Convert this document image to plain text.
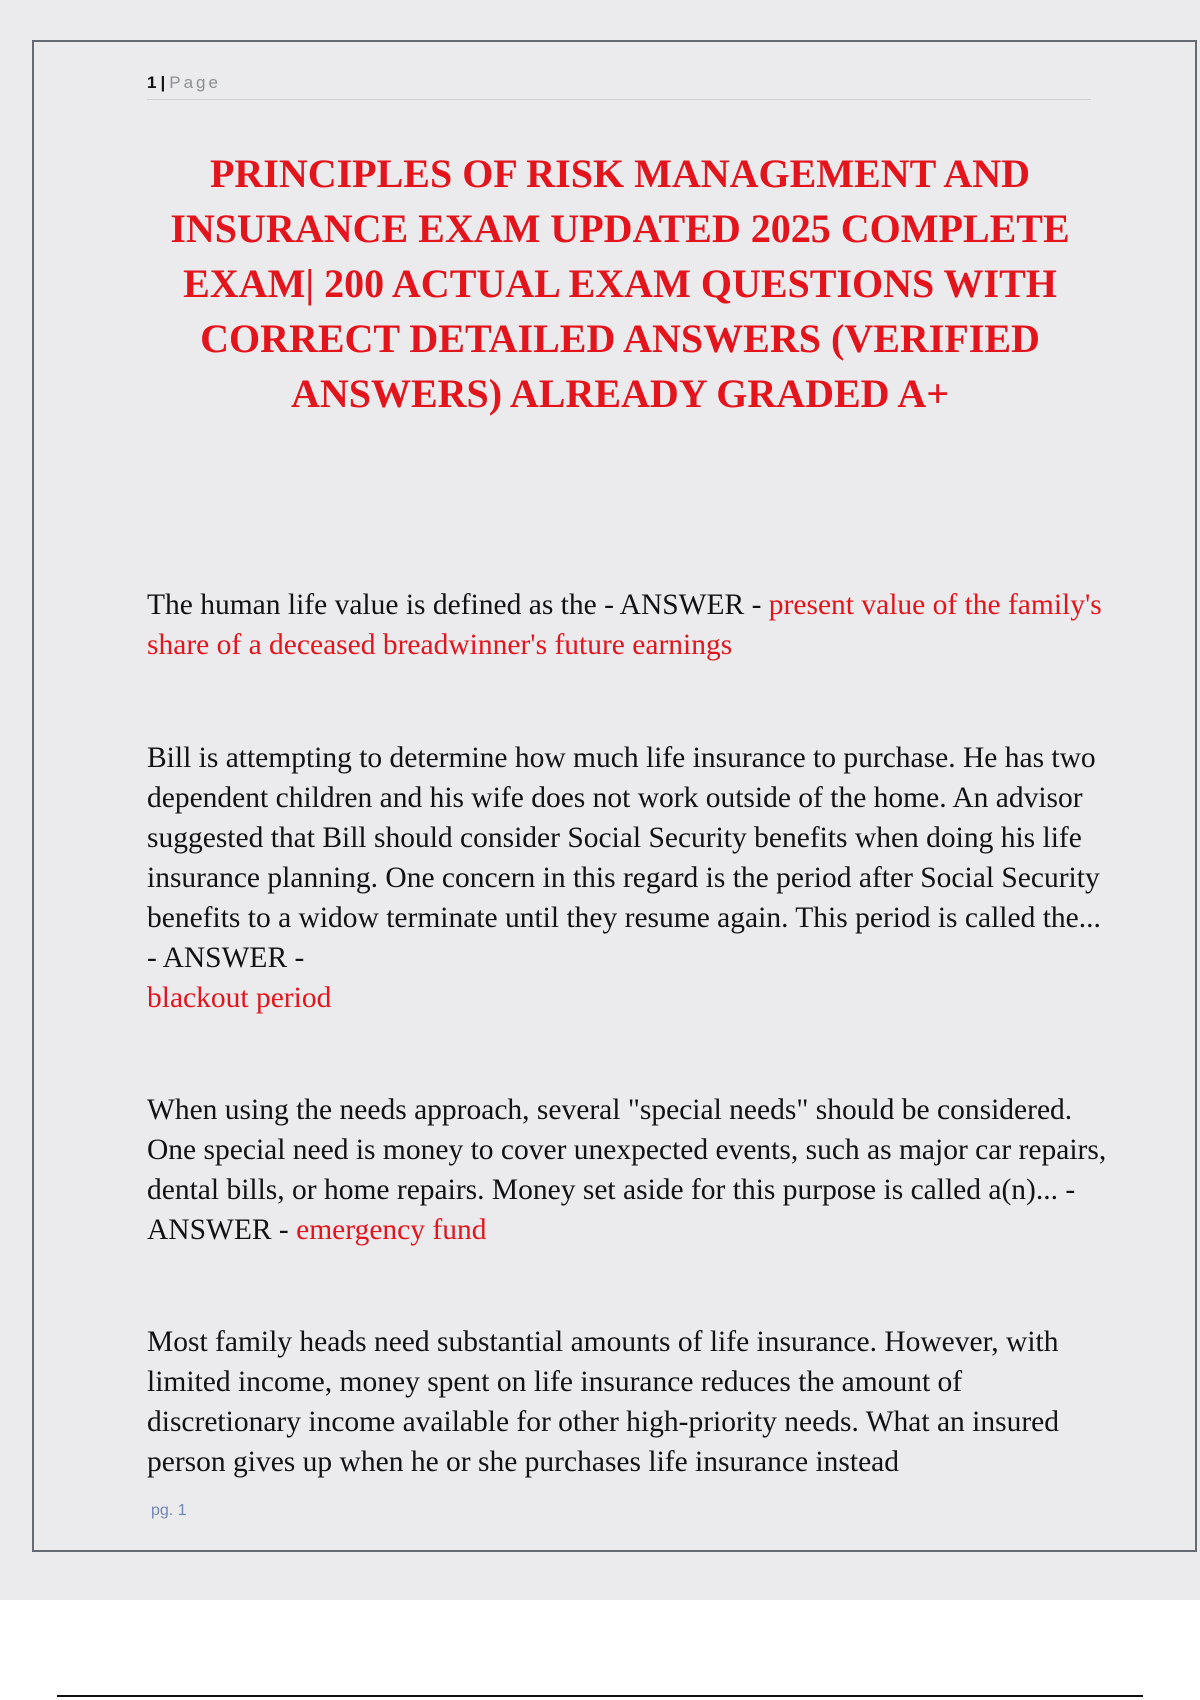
1 | Page
PRINCIPLES OF RISK MANAGEMENT AND INSURANCE EXAM UPDATED 2025 COMPLETE EXAM| 200 ACTUAL EXAM QUESTIONS WITH CORRECT DETAILED ANSWERS (VERIFIED ANSWERS) ALREADY GRADED A+

The human life value is defined as the - ANSWER - present value of the family's share of a deceased breadwinner's future earnings

Bill is attempting to determine how much life insurance to purchase. He has two dependent children and his wife does not work outside of the home. An advisor suggested that Bill should consider Social Security benefits when doing his life insurance planning. One concern in this regard is the period after Social Security benefits to a widow terminate until they resume again. This period is called the... - ANSWER -
blackout period

When using the needs approach, several "special needs" should be considered. One special need is money to cover unexpected events, such as major car repairs, dental bills, or home repairs. Money set aside for this purpose is called a(n)... - ANSWER - emergency fund

Most family heads need substantial amounts of life insurance. However, with limited income, money spent on life insurance reduces the amount of discretionary income available for other high-priority needs. What an insured person gives up when he or she purchases life insurance instead

pg. 1
